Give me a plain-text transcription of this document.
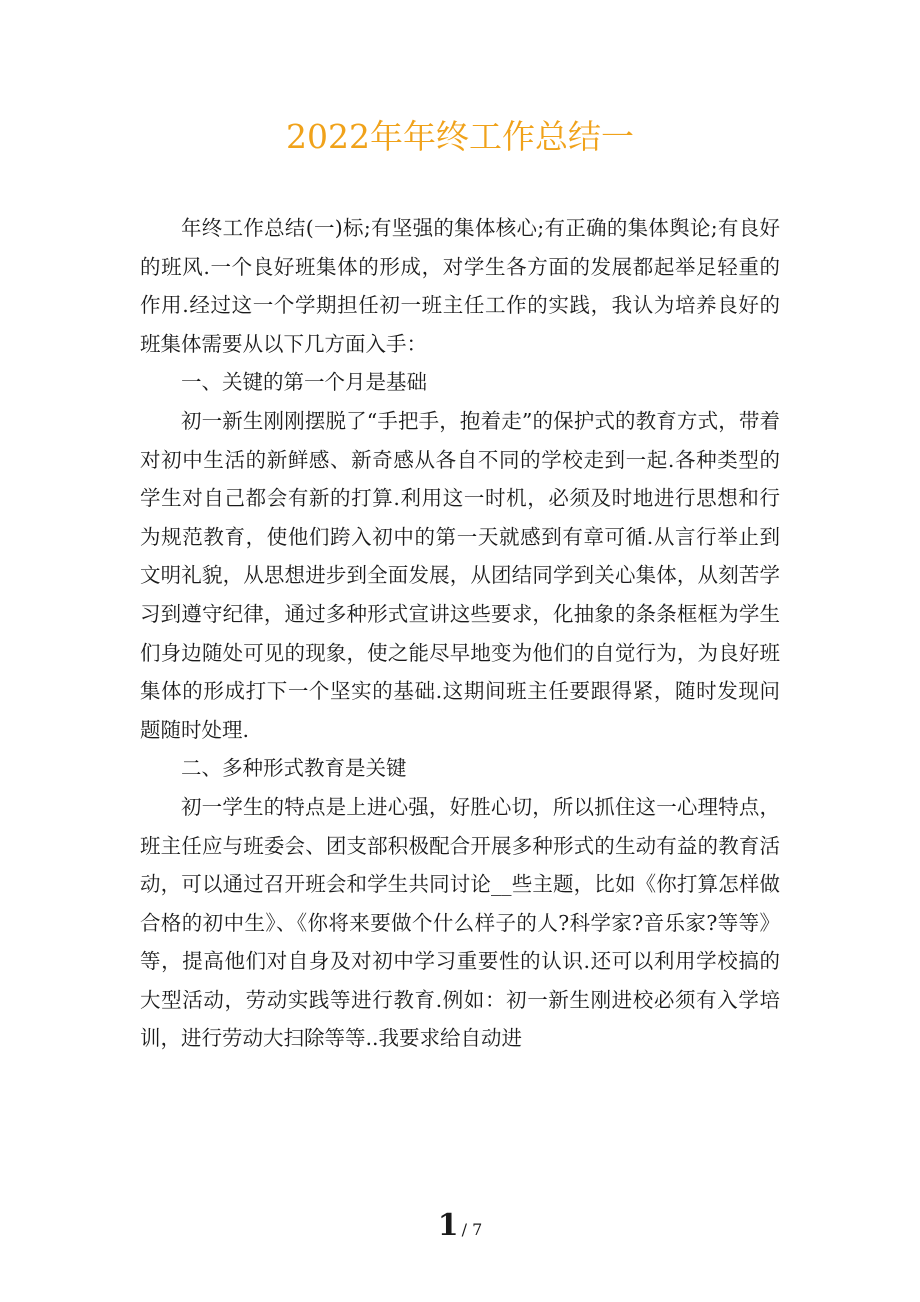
2022年年终工作总结一

年终工作总结(一)标;有坚强的集体核心;有正确的集体舆论;有良好的班风.一个良好班集体的形成，对学生各方面的发展都起举足轻重的作用.经过这一个学期担任初一班主任工作的实践，我认为培养良好的班集体需要从以下几方面入手：

一、关键的第一个月是基础

初一新生刚刚摆脱了“手把手，抱着走”的保护式的教育方式，带着对初中生活的新鲜感、新奇感从各自不同的学校走到一起.各种类型的学生对自己都会有新的打算.利用这一时机，必须及时地进行思想和行为规范教育，使他们跨入初中的第一天就感到有章可循.从言行举止到文明礼貌，从思想进步到全面发展，从团结同学到关心集体，从刻苦学习到遵守纪律，通过多种形式宣讲这些要求，化抽象的条条框框为学生们身边随处可见的现象，使之能尽早地变为他们的自觉行为，为良好班集体的形成打下一个坚实的基础.这期间班主任要跟得紧，随时发现问题随时处理.

二、多种形式教育是关键

初一学生的特点是上进心强，好胜心切，所以抓住这一心理特点，班主任应与班委会、团支部积极配合开展多种形式的生动有益的教育活动，可以通过召开班会和学生共同讨论__些主题，比如《你打算怎样做合格的初中生》、《你将来要做个什么样子的人?科学家?音乐家?等等》等，提高他们对自身及对初中学习重要性的认识.还可以利用学校搞的大型活动，劳动实践等进行教育.例如：初一新生刚进校必须有入学培训，进行劳动大扫除等等..我要求给自动进

1 / 7
